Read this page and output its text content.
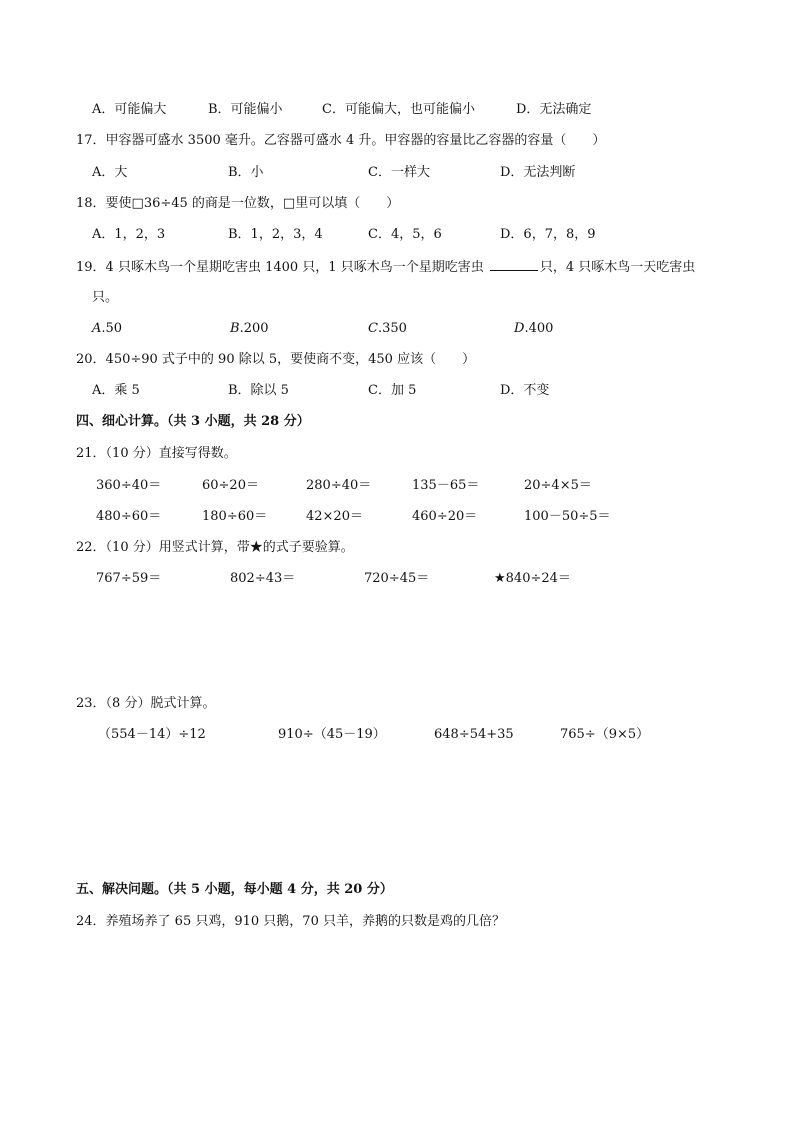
A．可能偏大	B．可能偏小	C．可能偏大，也可能偏小	D．无法确定
17．甲容器可盛水 3500 毫升。乙容器可盛水 4 升。甲容器的容量比乙容器的容量（　　）
A．大	B．小	C．一样大	D．无法判断
18．要使□36÷45 的商是一位数，□里可以填（　　）
A．1，2，3	B．1，2，3，4	C．4，5，6	D．6，7，8，9
19．4 只啄木鸟一个星期吃害虫 1400 只，1 只啄木鸟一个星期吃害虫	只，4 只啄木鸟一天吃害虫
只。
A.50	B.200	C.350	D.400
20．450÷90 式子中的 90 除以 5，要使商不变，450 应该（　　）
A．乘 5	B．除以 5	C．加 5	D．不变
四、细心计算。（共 3 小题，共 28 分）
21．（10 分）直接写得数。
360÷40＝	60÷20＝	280÷40＝	135－65＝	20÷4×5＝
480÷60＝	180÷60＝	42×20＝	460÷20＝	100－50÷5＝
22．（10 分）用竖式计算，带★的式子要验算。
767÷59＝	802÷43＝	720÷45＝	★840÷24＝
23．（8 分）脱式计算。
（554－14）÷12	910÷（45－19）	648÷54+35	765÷（9×5）
五、解决问题。（共 5 小题，每小题 4 分，共 20 分）
24．养殖场养了 65 只鸡，910 只鹅，70 只羊，养鹅的只数是鸡的几倍？
